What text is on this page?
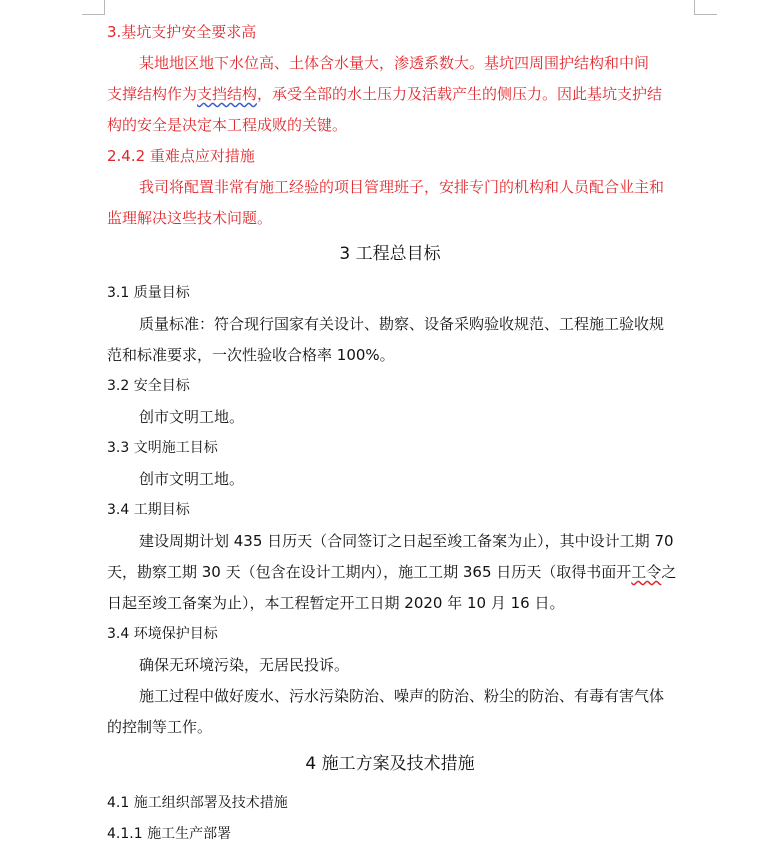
3.基坑支护安全要求高
某地地区地下水位高、土体含水量大，渗透系数大。基坑四周围护结构和中间
支撑结构作为支挡结构，承受全部的水土压力及活载产生的侧压力。因此基坑支护结
构的安全是决定本工程成败的关键。
2.4.2 重难点应对措施
我司将配置非常有施工经验的项目管理班子，安排专门的机构和人员配合业主和
监理解决这些技术问题。
3 工程总目标
3.1 质量目标
质量标准：符合现行国家有关设计、勘察、设备采购验收规范、工程施工验收规
范和标准要求，一次性验收合格率 100%。
3.2 安全目标
创市文明工地。
3.3 文明施工目标
创市文明工地。
3.4 工期目标
建设周期计划 435 日历天（合同签订之日起至竣工备案为止），其中设计工期 70
天，勘察工期 30 天（包含在设计工期内），施工工期 365 日历天（取得书面开工令之
日起至竣工备案为止），本工程暂定开工日期 2020 年 10 月 16 日。
3.4 环境保护目标
确保无环境污染，无居民投诉。
施工过程中做好废水、污水污染防治、噪声的防治、粉尘的防治、有毒有害气体
的控制等工作。
4 施工方案及技术措施
4.1 施工组织部署及技术措施
4.1.1 施工生产部署
